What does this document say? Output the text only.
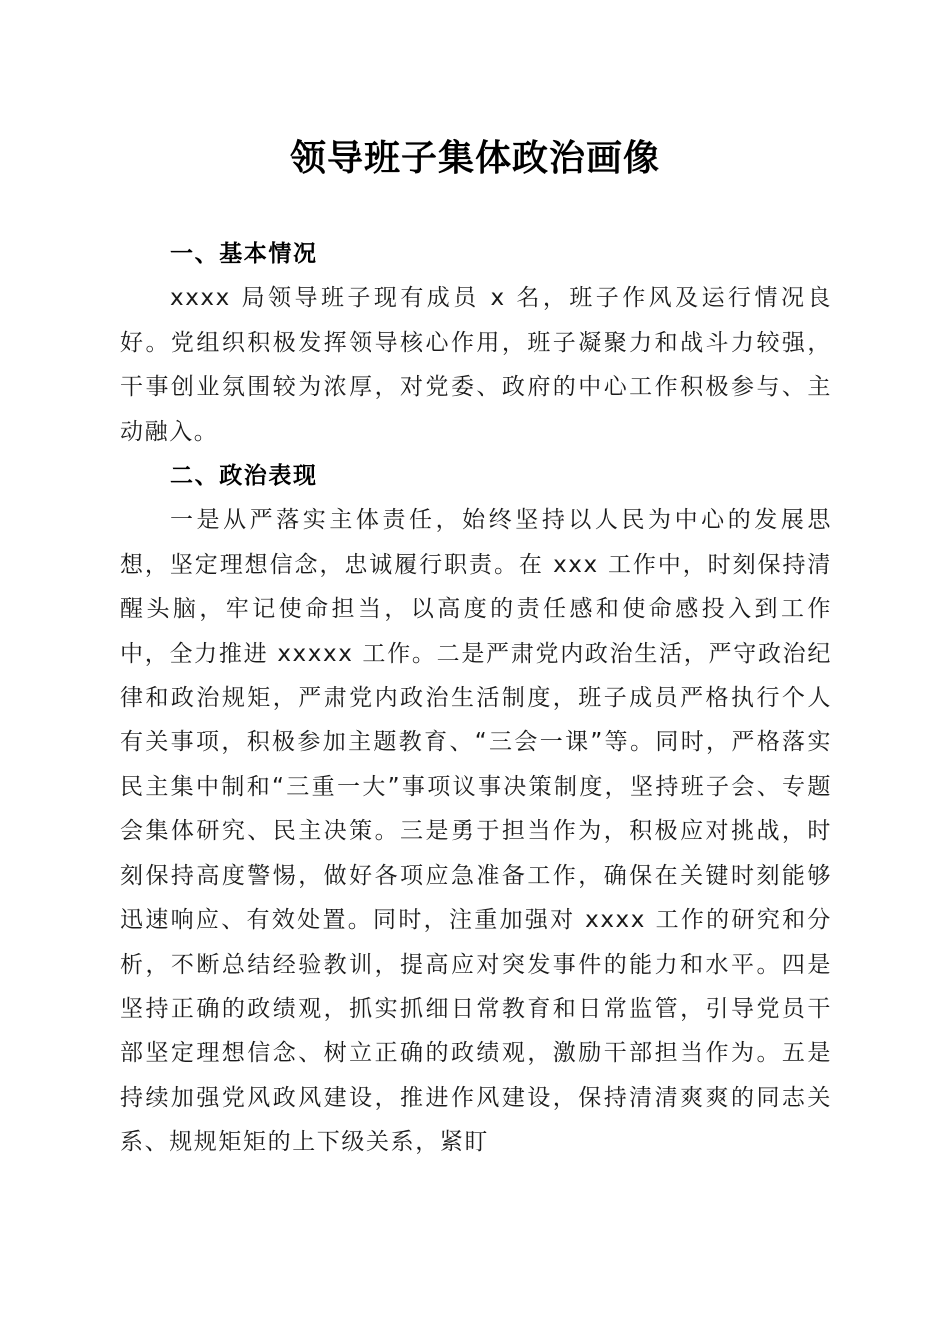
领导班子集体政治画像
一、基本情况

xxxx 局领导班子现有成员 x 名，班子作风及运行情况良好。党组织积极发挥领导核心作用，班子凝聚力和战斗力较强，干事创业氛围较为浓厚，对党委、政府的中心工作积极参与、主动融入。

二、政治表现

一是从严落实主体责任，始终坚持以人民为中心的发展思想，坚定理想信念，忠诚履行职责。在 xxx 工作中，时刻保持清醒头脑，牢记使命担当，以高度的责任感和使命感投入到工作中，全力推进 xxxxx 工作。二是严肃党内政治生活，严守政治纪律和政治规矩，严肃党内政治生活制度，班子成员严格执行个人有关事项，积极参加主题教育、“三会一课”等。同时，严格落实民主集中制和“三重一大”事项议事决策制度，坚持班子会、专题会集体研究、民主决策。三是勇于担当作为，积极应对挑战，时刻保持高度警惕，做好各项应急准备工作，确保在关键时刻能够迅速响应、有效处置。同时，注重加强对 xxxx 工作的研究和分析，不断总结经验教训，提高应对突发事件的能力和水平。四是坚持正确的政绩观，抓实抓细日常教育和日常监管，引导党员干部坚定理想信念、树立正确的政绩观，激励干部担当作为。五是持续加强党风政风建设，推进作风建设，保持清清爽爽的同志关系、规规矩矩的上下级关系，紧盯
